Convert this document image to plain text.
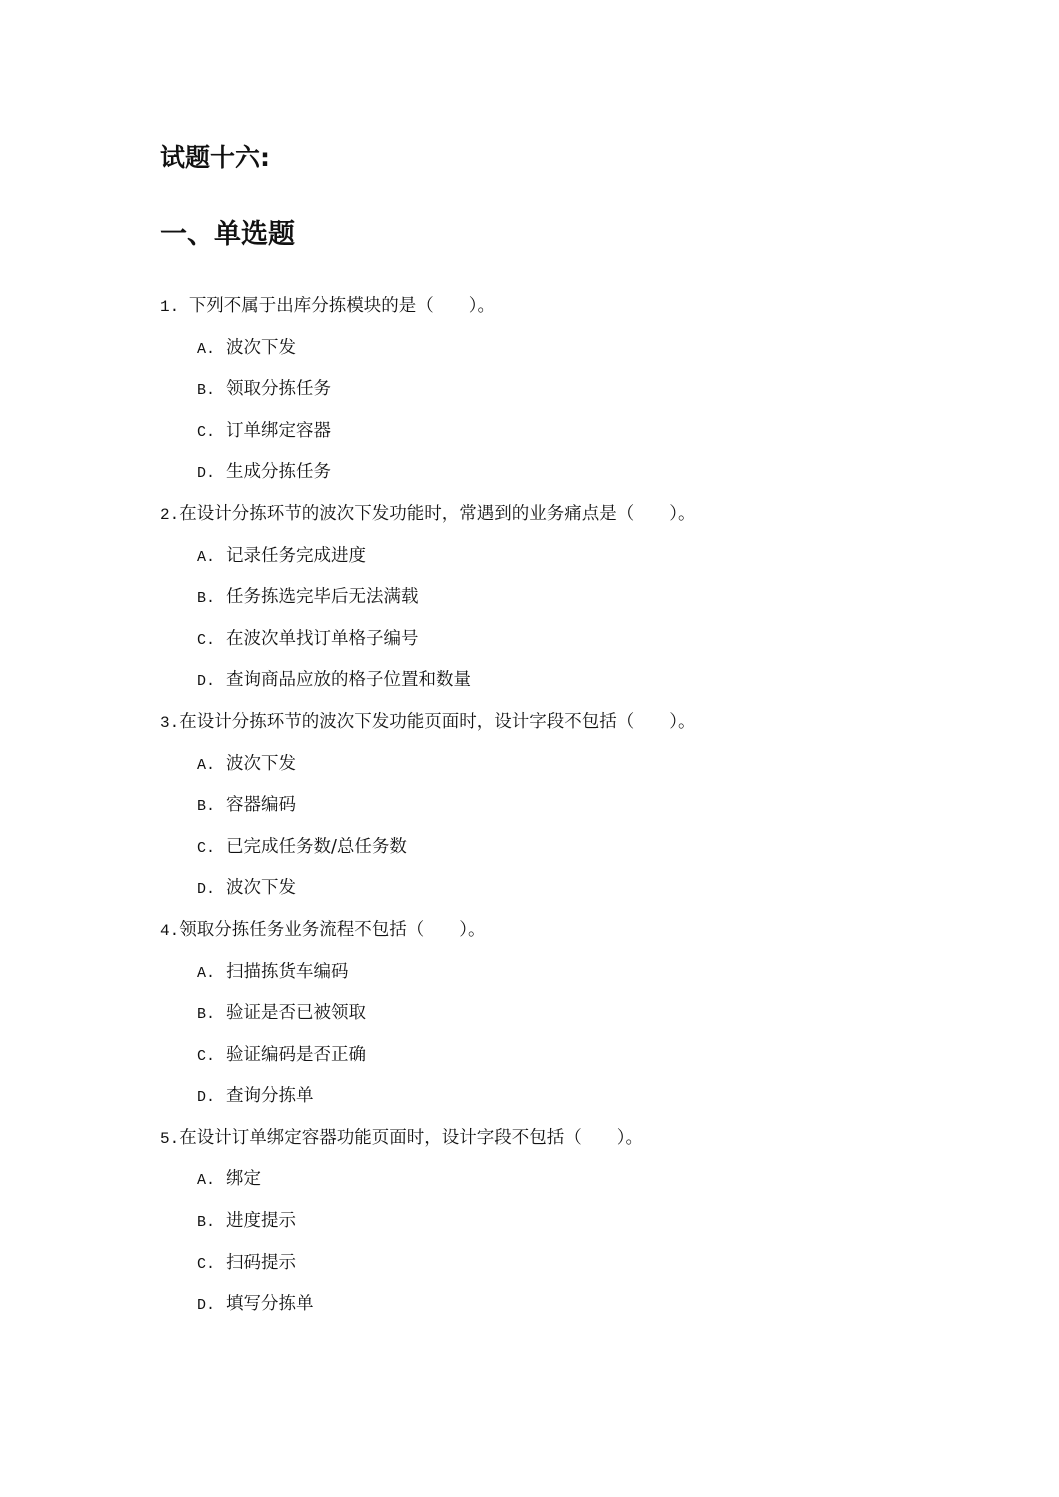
试题十六:
一、单选题
1. 下列不属于出库分拣模块的是（　　）。
A. 波次下发
B. 领取分拣任务
C. 订单绑定容器
D. 生成分拣任务
2.在设计分拣环节的波次下发功能时，常遇到的业务痛点是（　　）。
A. 记录任务完成进度
B. 任务拣选完毕后无法满载
C. 在波次单找订单格子编号
D. 查询商品应放的格子位置和数量
3.在设计分拣环节的波次下发功能页面时，设计字段不包括（　　）。
A. 波次下发
B. 容器编码
C. 已完成任务数/总任务数
D. 波次下发
4.领取分拣任务业务流程不包括（　　）。
A. 扫描拣货车编码
B. 验证是否已被领取
C. 验证编码是否正确
D. 查询分拣单
5.在设计订单绑定容器功能页面时，设计字段不包括（　　）。
A. 绑定
B. 进度提示
C. 扫码提示
D. 填写分拣单
